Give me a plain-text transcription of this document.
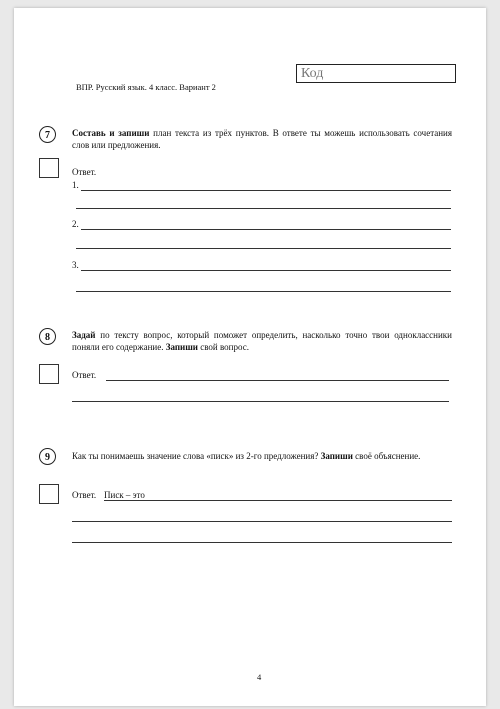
ВПР. Русский язык. 4 класс. Вариант 2
Код
7	Составь и запиши план текста из трёх пунктов. В ответе ты можешь использовать сочетания слов или предложения.
Ответ.
1.
2.
3.
8	Задай по тексту вопрос, который поможет определить, насколько точно твои одноклассники поняли его содержание. Запиши свой вопрос.
Ответ.
9	Как ты понимаешь значение слова «писк» из 2-го предложения? Запиши своё объяснение.
Ответ. Писк – это
4
